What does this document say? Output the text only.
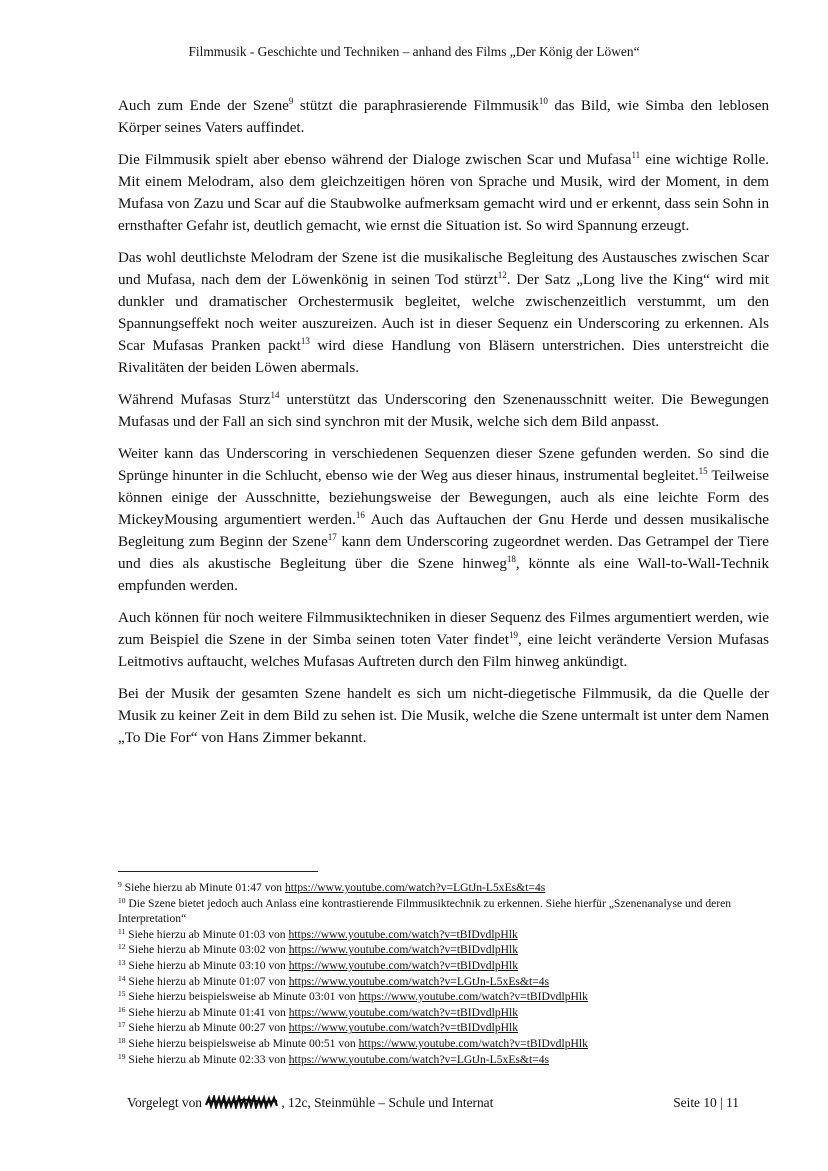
Filmmusik - Geschichte und Techniken – anhand des Films „Der König der Löwen“

Auch zum Ende der Szene$^9$ stützt die paraphrasierende Filmmusik$^{10}$ das Bild, wie Simba den leblosen Körper seines Vaters auffindet.

Die Filmmusik spielt aber ebenso während der Dialoge zwischen Scar und Mufasa$^{11}$ eine wichtige Rolle. Mit einem Melodram, also dem gleichzeitigen hören von Sprache und Musik, wird der Moment, in dem Mufasa von Zazu und Scar auf die Staubwolke aufmerksam gemacht wird und er erkennt, dass sein Sohn in ernsthafter Gefahr ist, deutlich gemacht, wie ernst die Situation ist. So wird Spannung erzeugt.

Das wohl deutlichste Melodram der Szene ist die musikalische Begleitung des Austausches zwischen Scar und Mufasa, nach dem der Löwenkönig in seinen Tod stürzt$^{12}$. Der Satz „Long live the King“ wird mit dunkler und dramatischer Orchestermusik begleitet, welche zwischenzeitlich verstummt, um den Spannungseffekt noch weiter auszureizen. Auch ist in dieser Sequenz ein Underscoring zu erkennen. Als Scar Mufasas Pranken packt$^{13}$ wird diese Handlung von Bläsern unterstrichen. Dies unterstreicht die Rivalitäten der beiden Löwen abermals.

Während Mufasas Sturz$^{14}$ unterstützt das Underscoring den Szenenausschnitt weiter. Die Bewegungen Mufasas und der Fall an sich sind synchron mit der Musik, welche sich dem Bild anpasst.

Weiter kann das Underscoring in verschiedenen Sequenzen dieser Szene gefunden werden. So sind die Sprünge hinunter in die Schlucht, ebenso wie der Weg aus dieser hinaus, instrumental begleitet.$^{15}$ Teilweise können einige der Ausschnitte, beziehungsweise der Bewegungen, auch als eine leichte Form des MickeyMousing argumentiert werden.$^{16}$ Auch das Auftauchen der Gnu Herde und dessen musikalische Begleitung zum Beginn der Szene$^{17}$ kann dem Underscoring zugeordnet werden. Das Getrampel der Tiere und dies als akustische Begleitung über die Szene hinweg$^{18}$, könnte als eine Wall-to-Wall-Technik empfunden werden.

Auch können für noch weitere Filmmusiktechniken in dieser Sequenz des Filmes argumentiert werden, wie zum Beispiel die Szene in der Simba seinen toten Vater findet$^{19}$, eine leicht veränderte Version Mufasas Leitmotivs auftaucht, welches Mufasas Auftreten durch den Film hinweg ankündigt.

Bei der Musik der gesamten Szene handelt es sich um nicht-diegetische Filmmusik, da die Quelle der Musik zu keiner Zeit in dem Bild zu sehen ist. Die Musik, welche die Szene untermalt ist unter dem Namen „To Die For“ von Hans Zimmer bekannt.

$^9$ Siehe hierzu ab Minute 01:47 von https://www.youtube.com/watch?v=LGtJn-L5xEs&t=4s

$^{10}$ Die Szene bietet jedoch auch Anlass eine kontrastierende Filmmusiktechnik zu erkennen. Siehe hierfür „Szenenanalyse und deren Interpretation“

$^{11}$ Siehe hierzu ab Minute 01:03 von https://www.youtube.com/watch?v=tBIDvdlpHlk

$^{12}$ Siehe hierzu ab Minute 03:02 von https://www.youtube.com/watch?v=tBIDvdlpHlk

$^{13}$ Siehe hierzu ab Minute 03:10 von https://www.youtube.com/watch?v=tBIDvdlpHlk

$^{14}$ Siehe hierzu ab Minute 01:07 von https://www.youtube.com/watch?v=LGtJn-L5xEs&t=4s

$^{15}$ Siehe hierzu beispielsweise ab Minute 03:01 von https://www.youtube.com/watch?v=tBIDvdlpHlk

$^{16}$ Siehe hierzu ab Minute 01:41 von https://www.youtube.com/watch?v=tBIDvdlpHlk

$^{17}$ Siehe hierzu ab Minute 00:27 von https://www.youtube.com/watch?v=tBIDvdlpHlk

$^{18}$ Siehe hierzu beispielsweise ab Minute 00:51 von https://www.youtube.com/watch?v=tBIDvdlpHlk

$^{19}$ Siehe hierzu ab Minute 02:33 von https://www.youtube.com/watch?v=LGtJn-L5xEs&t=4s

Vorgelegt von	, 12c, Steinmühle – Schule und Internat	Seite 10 | 11
